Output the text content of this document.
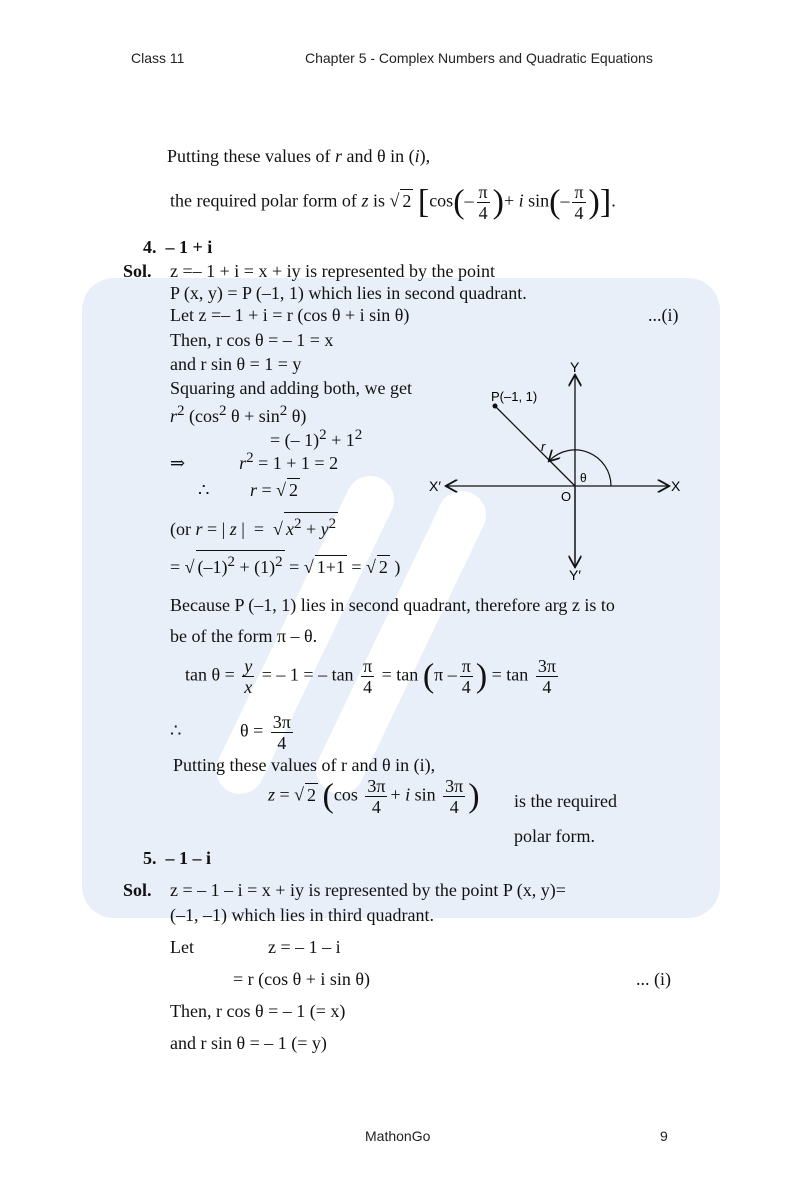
Class 11	Chapter 5 - Complex Numbers and Quadratic Equations
Putting these values of r and θ in (i),
the required polar form of z is √ 2 [$\cos(- \frac{\pi}{4}$ )+ i $\sin(- \frac{\pi}{4}$ )].
4. – 1 + i
Sol. z =– 1 + i = x + iy is represented by the point
P (x, y) = P (–1, 1) which lies in second quadrant.
Let z =– 1 + i = r (cos θ + i sin θ)	...(i)
Then, r cos θ = – 1 = x
and r sin θ = 1 = y
Squaring and adding both, we get
$r^2$ ($\cos^2$ $\theta + \sin^2 \theta$)
= (– $1)^2 + 1^2$
⇒            $r^2 = 1 + 1 = 2$
∴         r = √ 2
(or r = | z |  =  √ $x^2 + y^2$
= √ $(-1)^2 + (1)^2$ = √ 1+1 = √ 2 )
P(–1, 1)
r
θ
O
X
X′
Y
Y′
Because P (–1, 1) lies in second quadrant, therefore arg z is to
be of the form π – θ.
$\tan \theta = \frac{y}{x}$ = – 1 = – $\tan \frac{\pi}{4} = \tan (\pi - \frac{\pi}{4}$ ) = $\tan \frac{3\pi}{4}$
∴             $\theta = \frac{3\pi}{4}$
Putting these values of r and θ in (i),
z = √ 2 ($\cos \frac{3\pi}{4} + i$ $\sin \frac{3\pi}{4}$ ) is the required
polar form.
5. – 1 – i
Sol. z = – 1 – i = x + iy is represented by the point P (x, y)=
(–1, –1) which lies in third quadrant.
Let	z = – 1 – i
= r (cos θ + i sin θ)	... (i)
Then, r cos θ = – 1 (= x)
and r sin θ = – 1 (= y)
MathonGo	9
